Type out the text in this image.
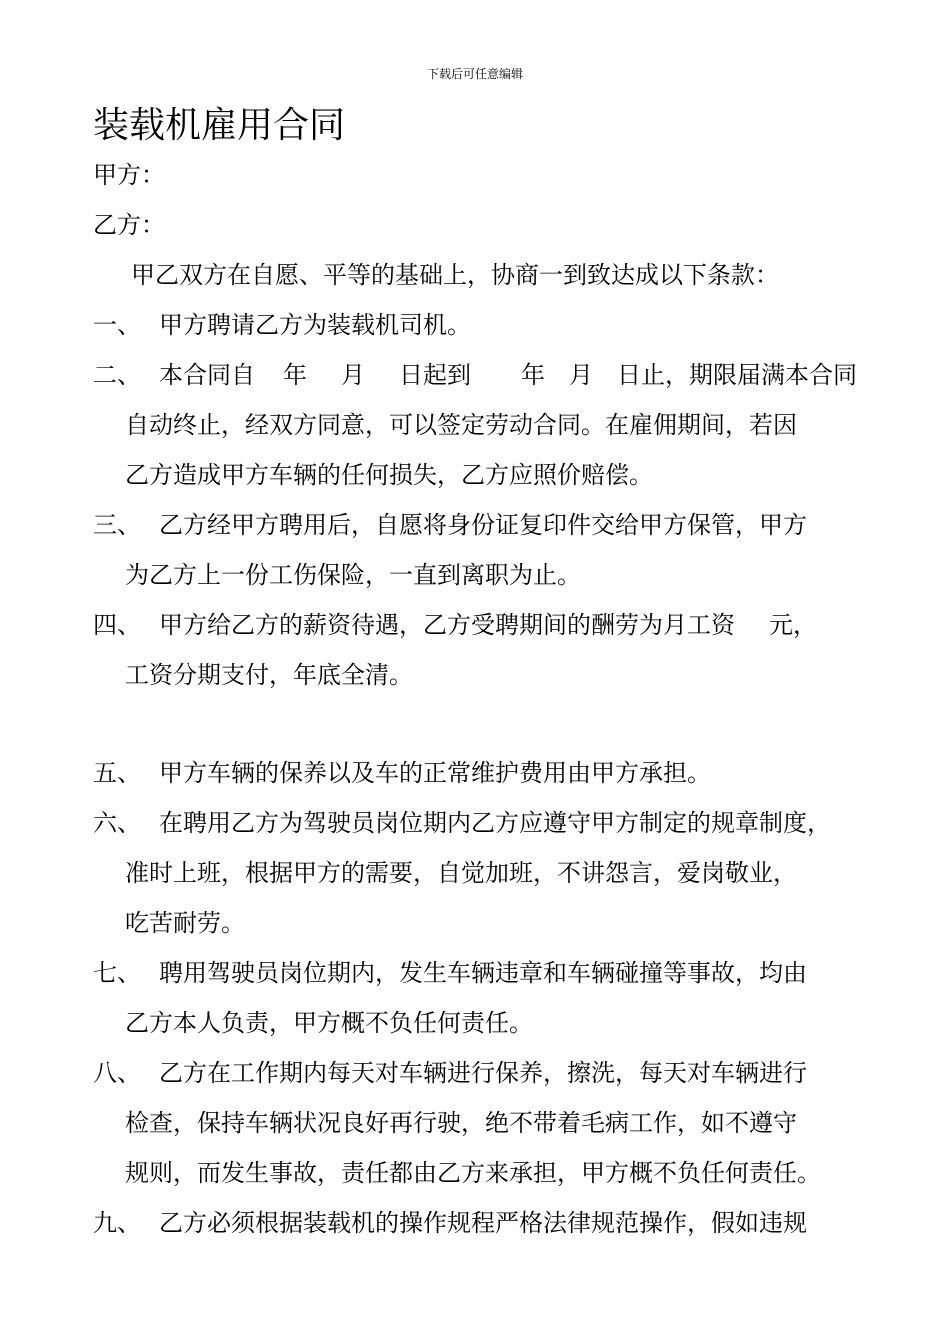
下载后可任意编辑
装载机雇用合同
甲方：
乙方：
甲乙双方在自愿、平等的基础上，协商一到致达成以下条款：
一、 甲方聘请乙方为装载机司机。
二、 本合同自 年 月 日起到 年 月 日止，期限届满本合同
自动终止，经双方同意，可以签定劳动合同。在雇佣期间，若因
乙方造成甲方车辆的任何损失，乙方应照价赔偿。
三、 乙方经甲方聘用后，自愿将身份证复印件交给甲方保管，甲方
为乙方上一份工伤保险，一直到离职为止。
四、 甲方给乙方的薪资待遇，乙方受聘期间的酬劳为月工资 元，
工资分期支付，年底全清。
五、 甲方车辆的保养以及车的正常维护费用由甲方承担。
六、 在聘用乙方为驾驶员岗位期内乙方应遵守甲方制定的规章制度，
准时上班，根据甲方的需要，自觉加班，不讲怨言，爱岗敬业，
吃苦耐劳。
七、 聘用驾驶员岗位期内，发生车辆违章和车辆碰撞等事故，均由
乙方本人负责，甲方概不负任何责任。
八、 乙方在工作期内每天对车辆进行保养，擦洗，每天对车辆进行
检查，保持车辆状况良好再行驶，绝不带着毛病工作，如不遵守
规则，而发生事故，责任都由乙方来承担，甲方概不负任何责任。
九、 乙方必须根据装载机的操作规程严格法律规范操作，假如违规
